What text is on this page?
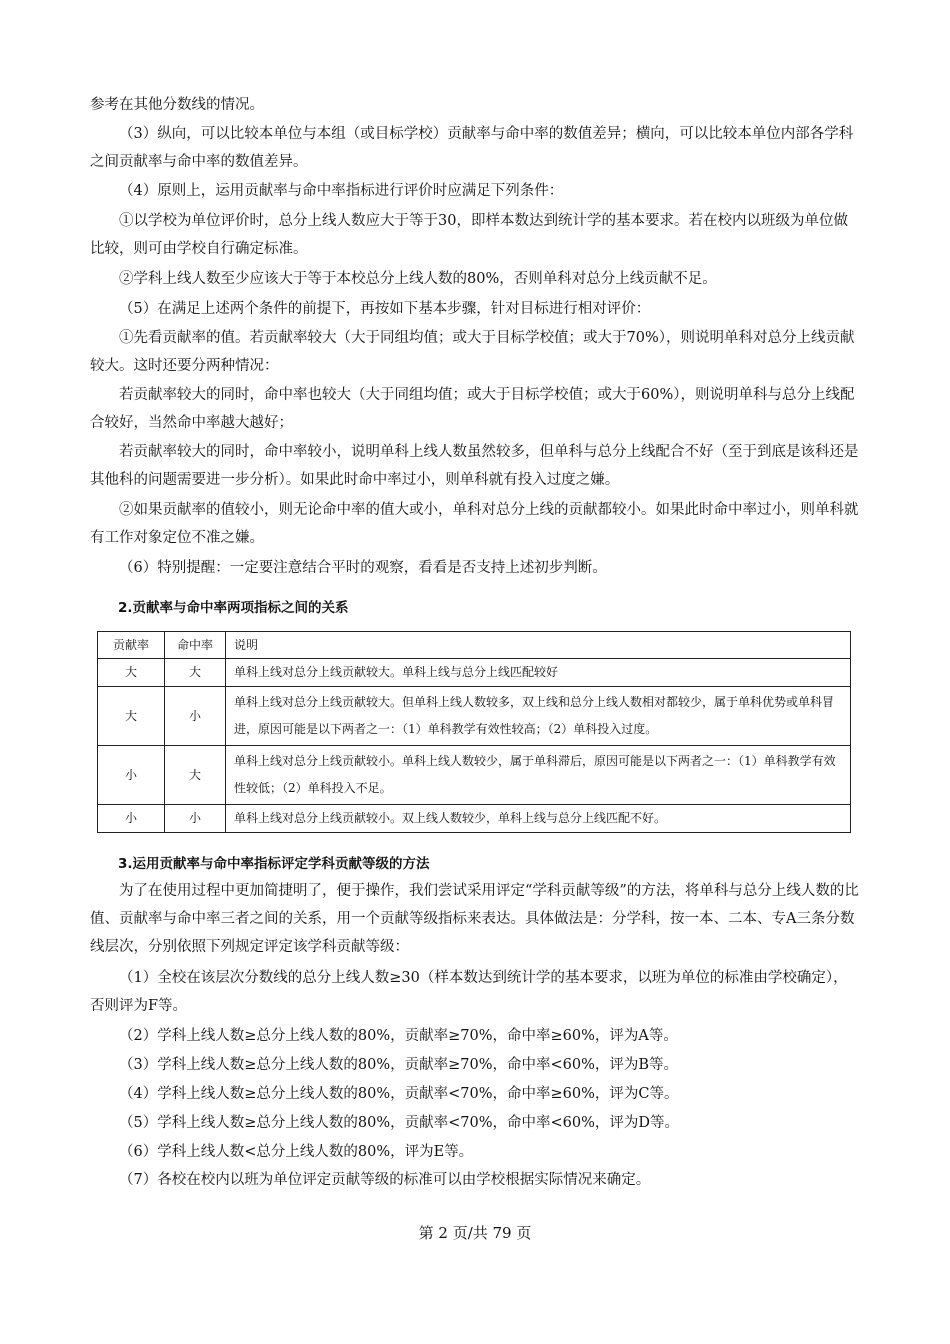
参考在其他分数线的情况。

（3）纵向，可以比较本单位与本组（或目标学校）贡献率与命中率的数值差异；横向，可以比较本单位内部各学科之间贡献率与命中率的数值差异。

（4）原则上，运用贡献率与命中率指标进行评价时应满足下列条件：

①以学校为单位评价时，总分上线人数应大于等于30，即样本数达到统计学的基本要求。若在校内以班级为单位做比较，则可由学校自行确定标准。

②学科上线人数至少应该大于等于本校总分上线人数的80%，否则单科对总分上线贡献不足。

（5）在满足上述两个条件的前提下，再按如下基本步骤，针对目标进行相对评价：

①先看贡献率的值。若贡献率较大（大于同组均值；或大于目标学校值；或大于70%），则说明单科对总分上线贡献较大。这时还要分两种情况：

若贡献率较大的同时，命中率也较大（大于同组均值；或大于目标学校值；或大于60%），则说明单科与总分上线配合较好，当然命中率越大越好；

若贡献率较大的同时，命中率较小，说明单科上线人数虽然较多，但单科与总分上线配合不好（至于到底是该科还是其他科的问题需要进一步分析）。如果此时命中率过小，则单科就有投入过度之嫌。

②如果贡献率的值较小，则无论命中率的值大或小，单科对总分上线的贡献都较小。如果此时命中率过小，则单科就有工作对象定位不准之嫌。

（6）特别提醒：一定要注意结合平时的观察，看看是否支持上述初步判断。

2.贡献率与命中率两项指标之间的关系

贡献率	命中率	说明
大	大	单科上线对总分上线贡献较大。单科上线与总分上线匹配较好
大	小	单科上线对总分上线贡献较大。但单科上线人数较多，双上线和总分上线人数相对都较少，属于单科优势或单科冒进，原因可能是以下两者之一：（1）单科教学有效性较高；（2）单科投入过度。
小	大	单科上线对总分上线贡献较小。单科上线人数较少，属于单科滞后，原因可能是以下两者之一：（1）单科教学有效性较低；（2）单科投入不足。
小	小	单科上线对总分上线贡献较小。双上线人数较少，单科上线与总分上线匹配不好。

3.运用贡献率与命中率指标评定学科贡献等级的方法

为了在使用过程中更加简捷明了，便于操作，我们尝试采用评定“学科贡献等级”的方法，将单科与总分上线人数的比值、贡献率与命中率三者之间的关系，用一个贡献等级指标来表达。具体做法是：分学科，按一本、二本、专A三条分数线层次，分别依照下列规定评定该学科贡献等级：

（1）全校在该层次分数线的总分上线人数≥30（样本数达到统计学的基本要求，以班为单位的标准由学校确定），否则评为F等。

（2）学科上线人数≥总分上线人数的80%，贡献率≥70%，命中率≥60%，评为A等。

（3）学科上线人数≥总分上线人数的80%，贡献率≥70%，命中率<60%，评为B等。

（4）学科上线人数≥总分上线人数的80%，贡献率<70%，命中率≥60%，评为C等。

（5）学科上线人数≥总分上线人数的80%，贡献率<70%，命中率<60%，评为D等。

（6）学科上线人数<总分上线人数的80%，评为E等。

（7）各校在校内以班为单位评定贡献等级的标准可以由学校根据实际情况来确定。

第 2 页/共 79 页
